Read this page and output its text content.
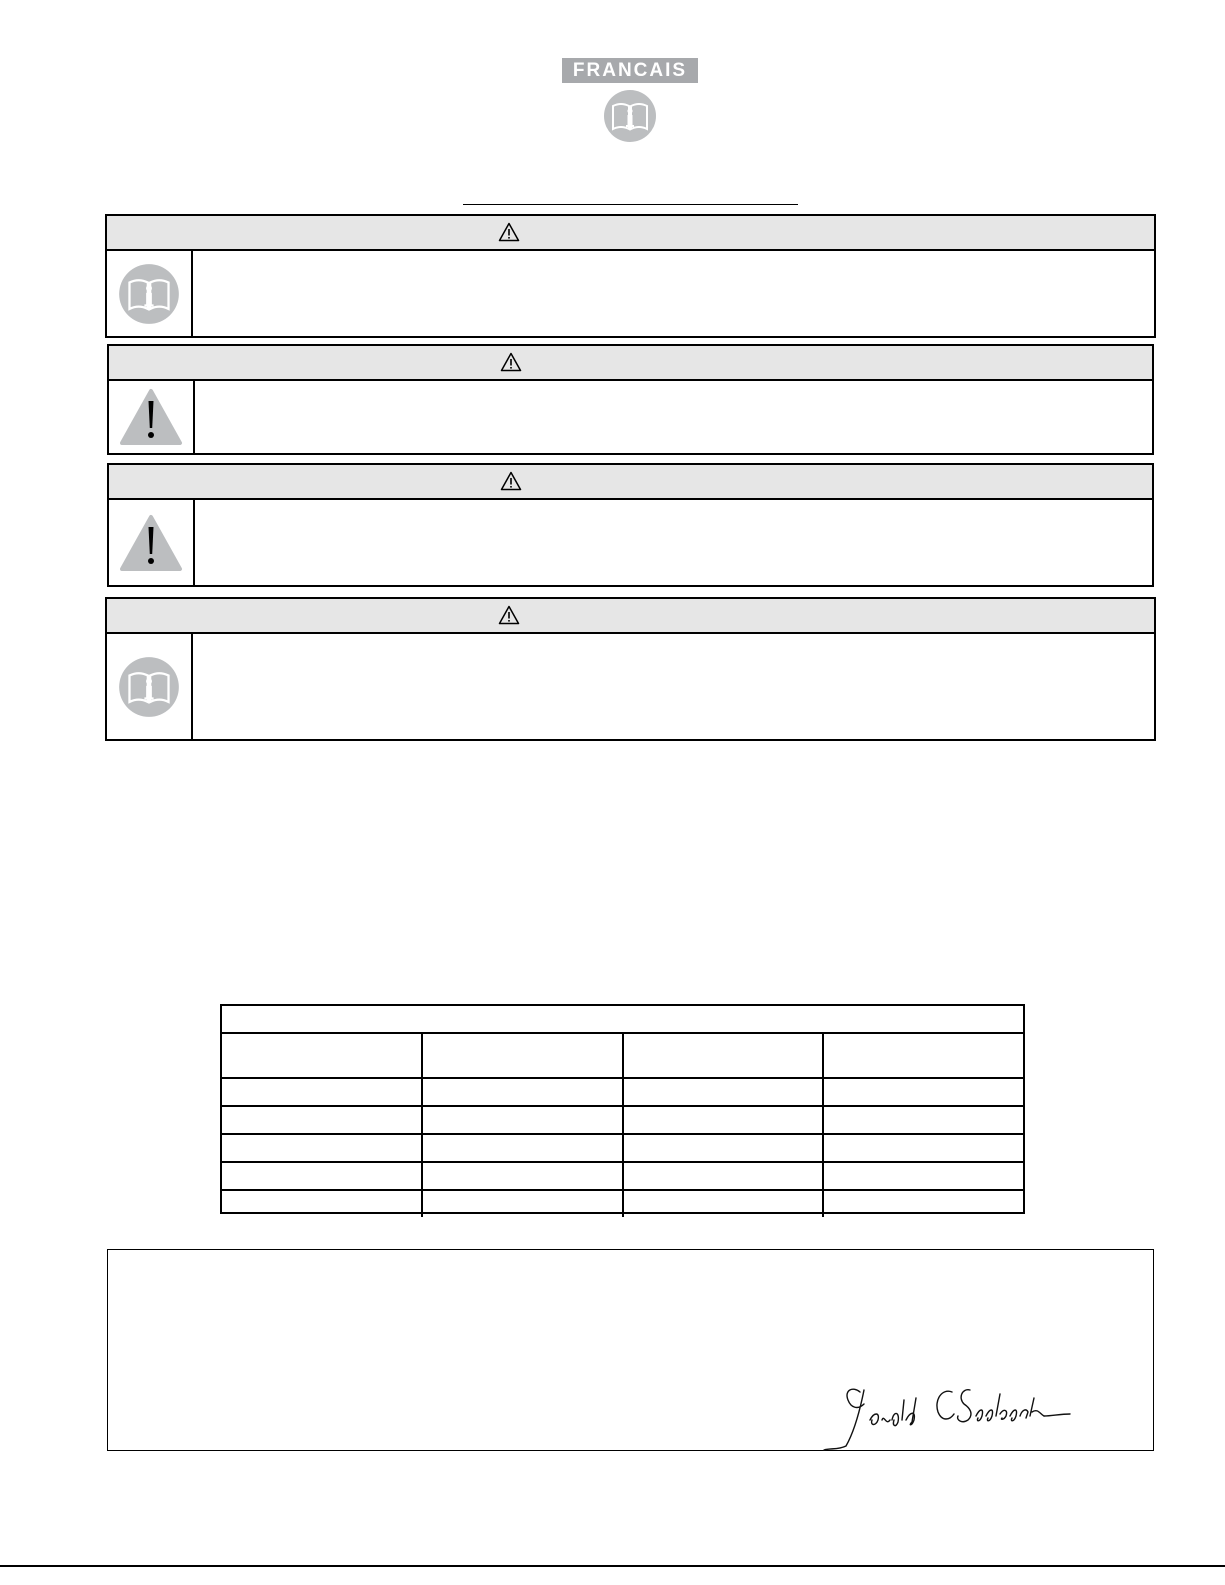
FRANCAIS
